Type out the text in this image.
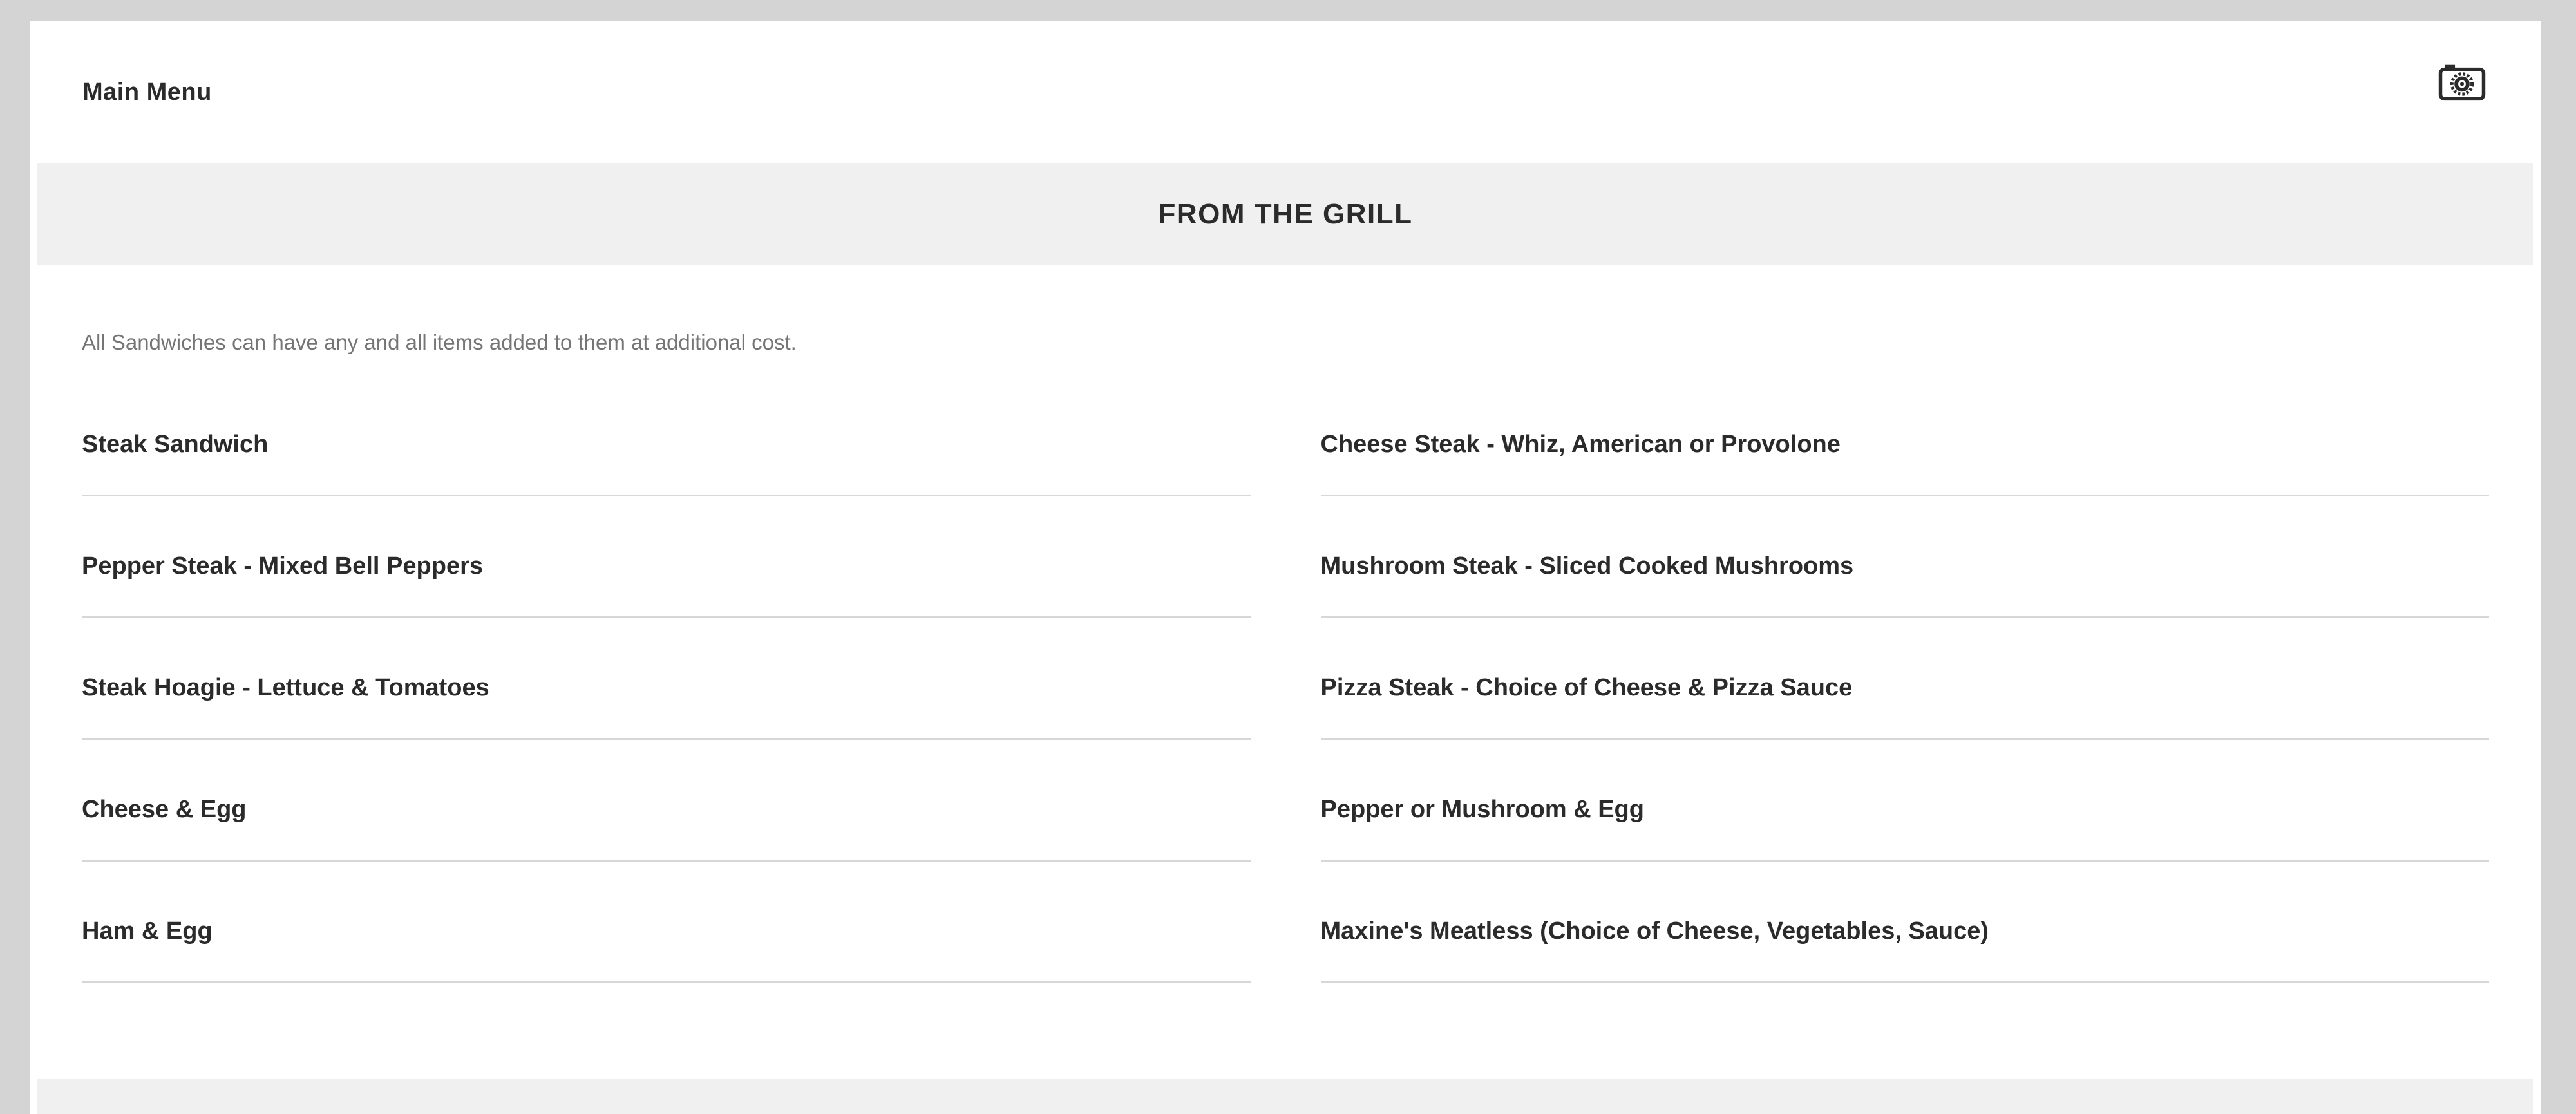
Main Menu
FROM THE GRILL
All Sandwiches can have any and all items added to them at additional cost.
Steak Sandwich	Cheese Steak - Whiz, American or Provolone
Pepper Steak - Mixed Bell Peppers	Mushroom Steak - Sliced Cooked Mushrooms
Steak Hoagie - Lettuce & Tomatoes	Pizza Steak - Choice of Cheese & Pizza Sauce
Cheese & Egg	Pepper or Mushroom & Egg
Ham & Egg	Maxine's Meatless (Choice of Cheese, Vegetables, Sauce)
